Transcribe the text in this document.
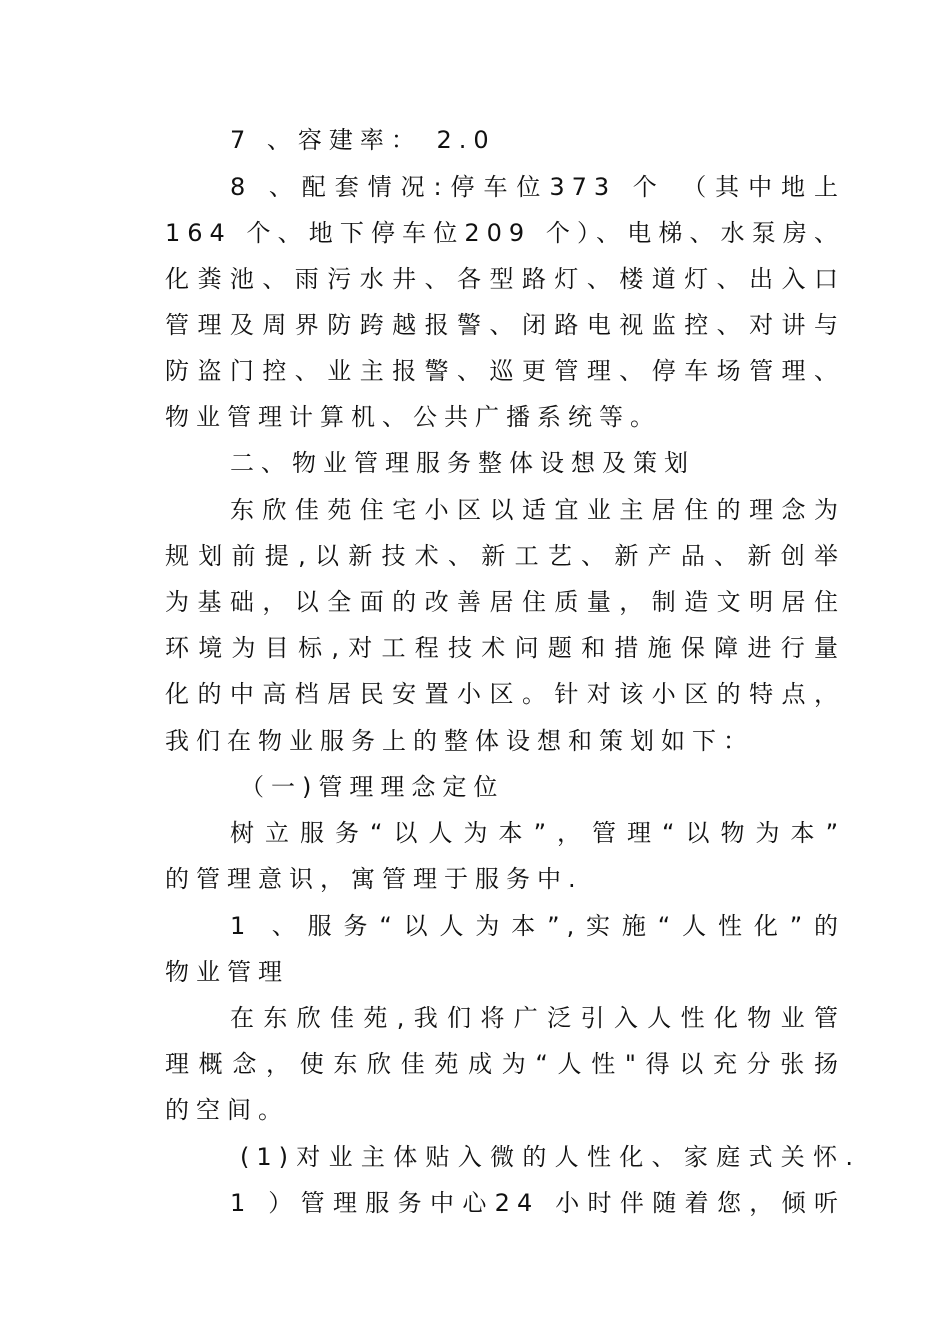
7 、容建率： 2.0
8 、配套情况:停车位373 个 （其中地上
164 个、地下停车位209 个）、电梯、水泵房、
化粪池、雨污水井、各型路灯、楼道灯、出入口
管理及周界防跨越报警、闭路电视监控、对讲与
防盗门控、业主报警、巡更管理、停车场管理、
物业管理计算机、公共广播系统等。
二、物业管理服务整体设想及策划
东欣佳苑住宅小区以适宜业主居住的理念为
规划前提,以新技术、新工艺、新产品、新创举
为基础，以全面的改善居住质量，制造文明居住
环境为目标,对工程技术问题和措施保障进行量
化的中高档居民安置小区。针对该小区的特点，
我们在物业服务上的整体设想和策划如下：
（一)管理理念定位
树立服务“以人为本”，管理“以物为本”
的管理意识，寓管理于服务中.
1 、服务“以人为本”,实施“人性化”的
物业管理
在东欣佳苑,我们将广泛引入人性化物业管
理概念，使东欣佳苑成为“人性"得以充分张扬
的空间。
(1)对业主体贴入微的人性化、家庭式关怀.
1 ）管理服务中心24 小时伴随着您，倾听
